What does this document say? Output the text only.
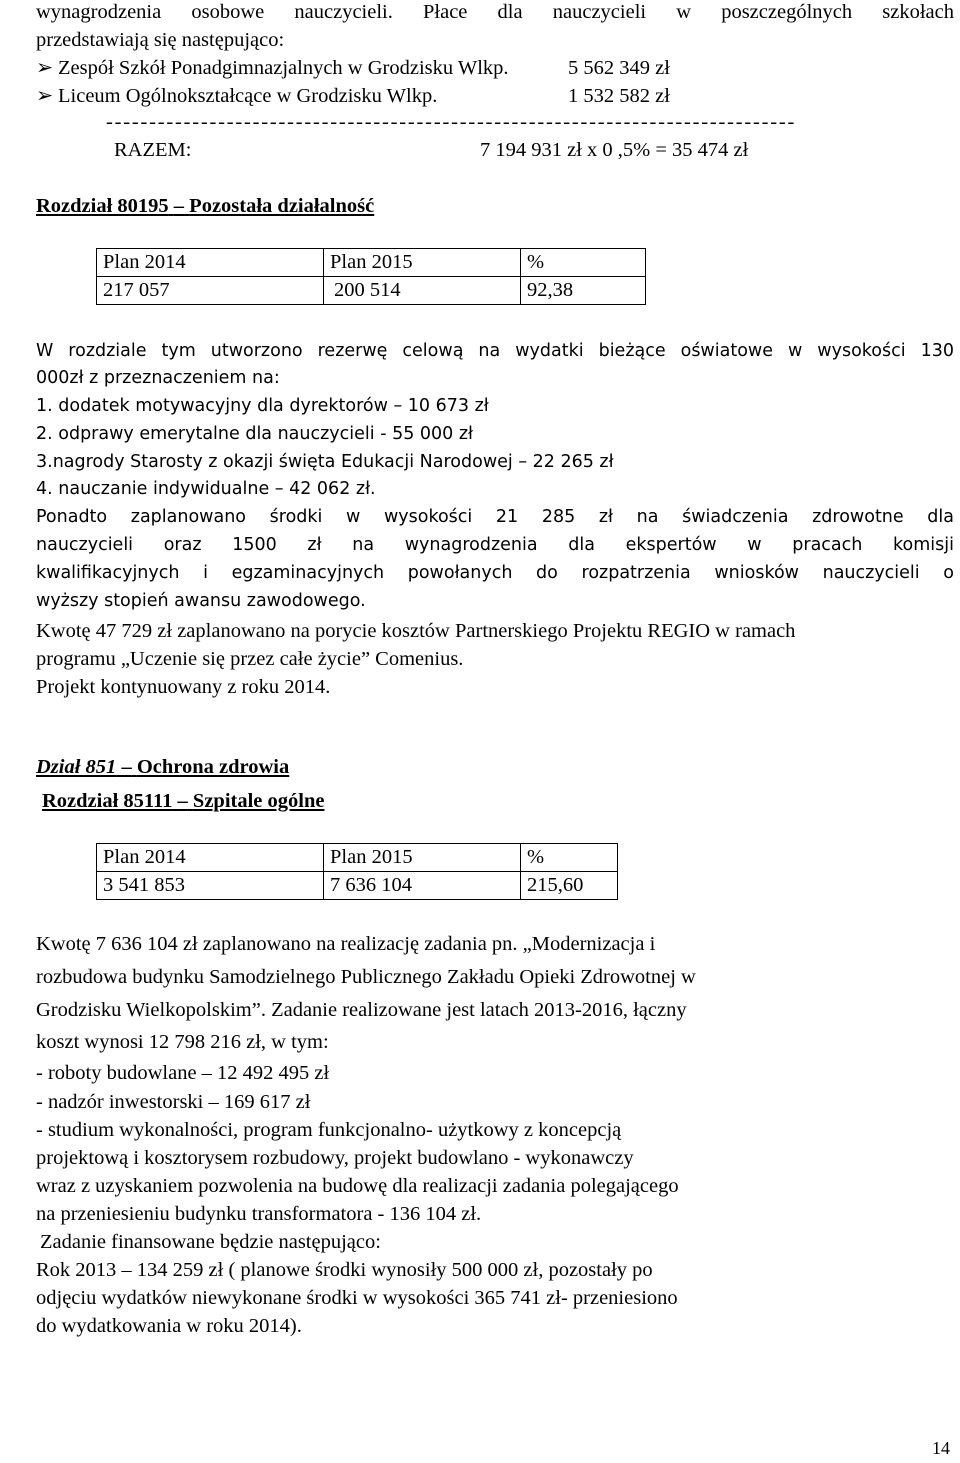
wynagrodzenia osobowe nauczycieli. Płace dla nauczycieli w poszczególnych szkołach
przedstawiają się następująco:
➢ Zespół Szkół Ponadgimnazjalnych w Grodzisku Wlkp.	5 562 349 zł
➢ Liceum Ogólnokształcące w Grodzisku Wlkp.	1 532 582 zł
--------------------------------------------------------------------------------
RAZEM:	7 194 931 zł x 0 ,5% = 35 474 zł
Rozdział 80195 – Pozostała działalność
Plan 2014	Plan 2015	%
217 057	200 514	92,38
W rozdziale tym utworzono rezerwę celową na wydatki bieżące oświatowe w wysokości 130
000zł z przeznaczeniem na:
1. dodatek motywacyjny dla dyrektorów – 10 673 zł
2. odprawy emerytalne dla nauczycieli - 55 000 zł
3.nagrody Starosty z okazji święta Edukacji Narodowej – 22 265 zł
4. nauczanie indywidualne – 42 062 zł.
Ponadto zaplanowano środki w wysokości 21 285 zł na świadczenia zdrowotne dla
nauczycieli oraz 1500 zł na wynagrodzenia dla ekspertów w pracach komisji
kwalifikacyjnych i egzaminacyjnych powołanych do rozpatrzenia wniosków nauczycieli o
wyższy stopień awansu zawodowego.
Kwotę 47 729 zł zaplanowano na porycie kosztów Partnerskiego Projektu REGIO w ramach
programu „Uczenie się przez całe życie” Comenius.
Projekt kontynuowany z roku 2014.
Dział 851 – Ochrona zdrowia
Rozdział 85111 – Szpitale ogólne
Plan 2014	Plan 2015	%
3 541 853	7 636 104	215,60
Kwotę 7 636 104 zł zaplanowano na realizację zadania pn. „Modernizacja i
rozbudowa budynku Samodzielnego Publicznego Zakładu Opieki Zdrowotnej w
Grodzisku Wielkopolskim”. Zadanie realizowane jest latach 2013-2016, łączny
koszt wynosi 12 798 216 zł, w tym:
- roboty budowlane – 12 492 495 zł
- nadzór inwestorski – 169 617 zł
- studium wykonalności, program funkcjonalno- użytkowy z koncepcją
projektową i kosztorysem rozbudowy, projekt budowlano - wykonawczy
wraz z uzyskaniem pozwolenia na budowę dla realizacji zadania polegającego
na przeniesieniu budynku transformatora - 136 104 zł.
Zadanie finansowane będzie następująco:
Rok 2013 – 134 259 zł ( planowe środki wynosiły 500 000 zł, pozostały po
odjęciu wydatków niewykonane środki w wysokości 365 741 zł- przeniesiono
do wydatkowania w roku 2014).
14
